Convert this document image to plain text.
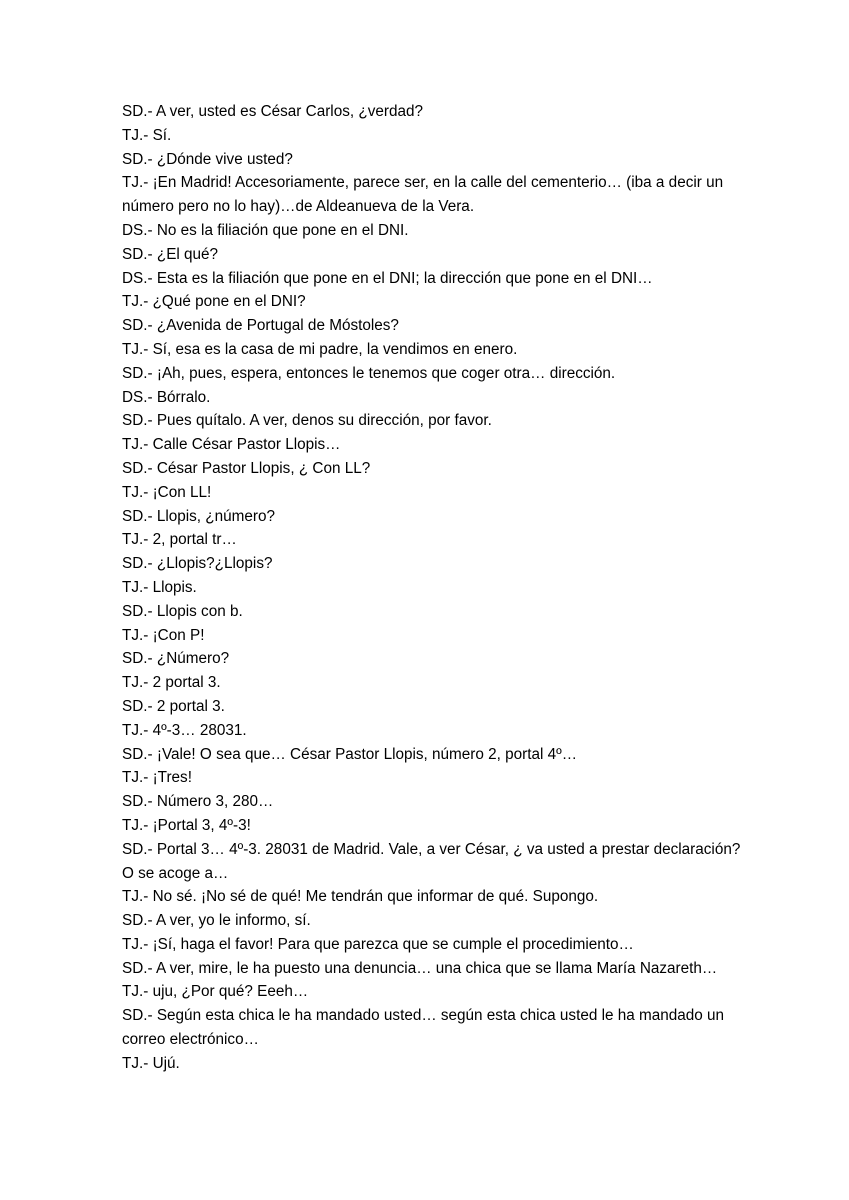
SD.- A ver, usted es César Carlos, ¿verdad?

TJ.- Sí.

SD.- ¿Dónde vive usted?

TJ.- ¡En Madrid! Accesoriamente, parece ser, en la calle del cementerio… (iba a decir un número pero no lo hay)…de Aldeanueva de la Vera.

DS.- No es la filiación que pone en el DNI.

SD.- ¿El qué?

DS.- Esta es la filiación que pone en el DNI; la dirección que pone en el DNI…

TJ.- ¿Qué pone en el DNI?

SD.- ¿Avenida de Portugal de Móstoles?

TJ.- Sí, esa es la casa de mi padre, la vendimos en enero.

SD.- ¡Ah, pues, espera, entonces le tenemos que coger otra… dirección.

DS.- Bórralo.

SD.- Pues quítalo. A ver, denos su dirección, por favor.

TJ.- Calle César Pastor Llopis…

SD.- César Pastor Llopis, ¿ Con LL?

TJ.- ¡Con LL!

SD.- Llopis, ¿número?

TJ.- 2, portal tr…

SD.- ¿Llopis?¿Llopis?

TJ.- Llopis.

SD.- Llopis con b.

TJ.- ¡Con P!

SD.- ¿Número?

TJ.- 2 portal 3.

SD.- 2 portal 3.

TJ.- 4º-3… 28031.

SD.- ¡Vale! O sea que… César Pastor Llopis, número 2, portal 4º…

TJ.- ¡Tres!

SD.- Número 3, 280…

TJ.- ¡Portal 3, 4º-3!

SD.- Portal 3… 4º-3. 28031 de Madrid. Vale, a ver César, ¿ va usted a prestar declaración? O se acoge a…

TJ.- No sé. ¡No sé de qué! Me tendrán que informar de qué. Supongo.

SD.- A ver, yo le informo, sí.

TJ.- ¡Sí, haga el favor! Para que parezca que se cumple el procedimiento…

SD.- A ver, mire, le ha puesto una denuncia… una chica que se llama María Nazareth…

TJ.- uju, ¿Por qué? Eeeh…

SD.- Según esta chica le ha mandado usted… según esta chica usted le ha mandado un correo electrónico…

TJ.- Ujú.
